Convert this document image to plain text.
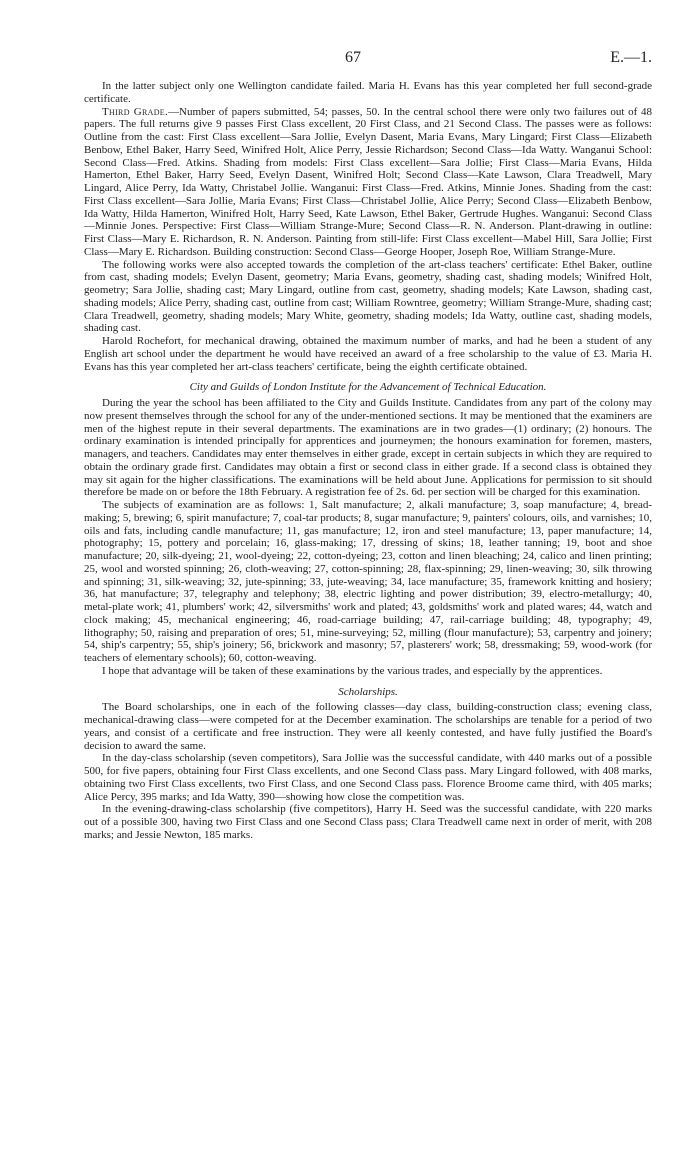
67	E.—1.

In the latter subject only one Wellington candidate failed. Maria H. Evans has this year completed her full second-grade certificate.

Third Grade.—Number of papers submitted, 54; passes, 50. In the central school there were only two failures out of 48 papers. The full returns give 9 passes First Class excellent, 20 First Class, and 21 Second Class. The passes were as follows: Outline from the cast: First Class excellent—Sara Jollie, Evelyn Dasent, Maria Evans, Mary Lingard; First Class—Elizabeth Benbow, Ethel Baker, Harry Seed, Winifred Holt, Alice Perry, Jessie Richardson; Second Class—Ida Watty. Wanganui School: Second Class—Fred. Atkins. Shading from models: First Class excellent—Sara Jollie; First Class—Maria Evans, Hilda Hamerton, Ethel Baker, Harry Seed, Evelyn Dasent, Winifred Holt; Second Class—Kate Lawson, Clara Treadwell, Mary Lingard, Alice Perry, Ida Watty, Christabel Jollie. Wanganui: First Class—Fred. Atkins, Minnie Jones. Shading from the cast: First Class excellent—Sara Jollie, Maria Evans; First Class—Christabel Jollie, Alice Perry; Second Class—Elizabeth Benbow, Ida Watty, Hilda Hamerton, Winifred Holt, Harry Seed, Kate Lawson, Ethel Baker, Gertrude Hughes. Wanganui: Second Class—Minnie Jones. Perspective: First Class—William Strange-Mure; Second Class—R. N. Anderson. Plant-drawing in outline: First Class—Mary E. Richardson, R. N. Anderson. Painting from still-life: First Class excellent—Mabel Hill, Sara Jollie; First Class—Mary E. Richardson. Building construction: Second Class—George Hooper, Joseph Roe, William Strange-Mure.

The following works were also accepted towards the completion of the art-class teachers' certificate: Ethel Baker, outline from cast, shading models; Evelyn Dasent, geometry; Maria Evans, geometry, shading cast, shading models; Winifred Holt, geometry; Sara Jollie, shading cast; Mary Lingard, outline from cast, geometry, shading models; Kate Lawson, shading cast, shading models; Alice Perry, shading cast, outline from cast; William Rowntree, geometry; William Strange-Mure, shading cast; Clara Treadwell, geometry, shading models; Mary White, geometry, shading models; Ida Watty, outline cast, shading models, shading cast.

Harold Rochefort, for mechanical drawing, obtained the maximum number of marks, and had he been a student of any English art school under the department he would have received an award of a free scholarship to the value of £3. Maria H. Evans has this year completed her art-class teachers' certificate, being the eighth certificate obtained.

City and Guilds of London Institute for the Advancement of Technical Education.

During the year the school has been affiliated to the City and Guilds Institute. Candidates from any part of the colony may now present themselves through the school for any of the under-mentioned sections. It may be mentioned that the examiners are men of the highest repute in their several departments. The examinations are in two grades—(1) ordinary; (2) honours. The ordinary examination is intended principally for apprentices and journeymen; the honours examination for foremen, masters, managers, and teachers. Candidates may enter themselves in either grade, except in certain subjects in which they are required to obtain the ordinary grade first. Candidates may obtain a first or second class in either grade. If a second class is obtained they may sit again for the higher classifications. The examinations will be held about June. Applications for permission to sit should therefore be made on or before the 18th February. A registration fee of 2s. 6d. per section will be charged for this examination.

The subjects of examination are as follows: 1, Salt manufacture; 2, alkali manufacture; 3, soap manufacture; 4, bread-making; 5, brewing; 6, spirit manufacture; 7, coal-tar products; 8, sugar manufacture; 9, painters' colours, oils, and varnishes; 10, oils and fats, including candle manufacture; 11, gas manufacture; 12, iron and steel manufacture; 13, paper manufacture; 14, photography; 15, pottery and porcelain; 16, glass-making; 17, dressing of skins; 18, leather tanning; 19, boot and shoe manufacture; 20, silk-dyeing; 21, wool-dyeing; 22, cotton-dyeing; 23, cotton and linen bleaching; 24, calico and linen printing; 25, wool and worsted spinning; 26, cloth-weaving; 27, cotton-spinning; 28, flax-spinning; 29, linen-weaving; 30, silk throwing and spinning; 31, silk-weaving; 32, jute-spinning; 33, jute-weaving; 34, lace manufacture; 35, framework knitting and hosiery; 36, hat manufacture; 37, telegraphy and telephony; 38, electric lighting and power distribution; 39, electro-metallurgy; 40, metal-plate work; 41, plumbers' work; 42, silversmiths' work and plated; 43, goldsmiths' work and plated wares; 44, watch and clock making; 45, mechanical engineering; 46, road-carriage building; 47, rail-carriage building; 48, typography; 49, lithography; 50, raising and preparation of ores; 51, mine-surveying; 52, milling (flour manufacture); 53, carpentry and joinery; 54, ship's carpentry; 55, ship's joinery; 56, brickwork and masonry; 57, plasterers' work; 58, dressmaking; 59, wood-work (for teachers of elementary schools); 60, cotton-weaving.

I hope that advantage will be taken of these examinations by the various trades, and especially by the apprentices.

Scholarships.

The Board scholarships, one in each of the following classes—day class, building-construction class; evening class, mechanical-drawing class—were competed for at the December examination. The scholarships are tenable for a period of two years, and consist of a certificate and free instruction. They were all keenly contested, and have fully justified the Board's decision to award the same.

In the day-class scholarship (seven competitors), Sara Jollie was the successful candidate, with 440 marks out of a possible 500, for five papers, obtaining four First Class excellents, and one Second Class pass. Mary Lingard followed, with 408 marks, obtaining two First Class excellents, two First Class, and one Second Class pass. Florence Broome came third, with 405 marks; Alice Percy, 395 marks; and Ida Watty, 390—showing how close the competition was.

In the evening-drawing-class scholarship (five competitors), Harry H. Seed was the successful candidate, with 220 marks out of a possible 300, having two First Class and one Second Class pass; Clara Treadwell came next in order of merit, with 208 marks; and Jessie Newton, 185 marks.
